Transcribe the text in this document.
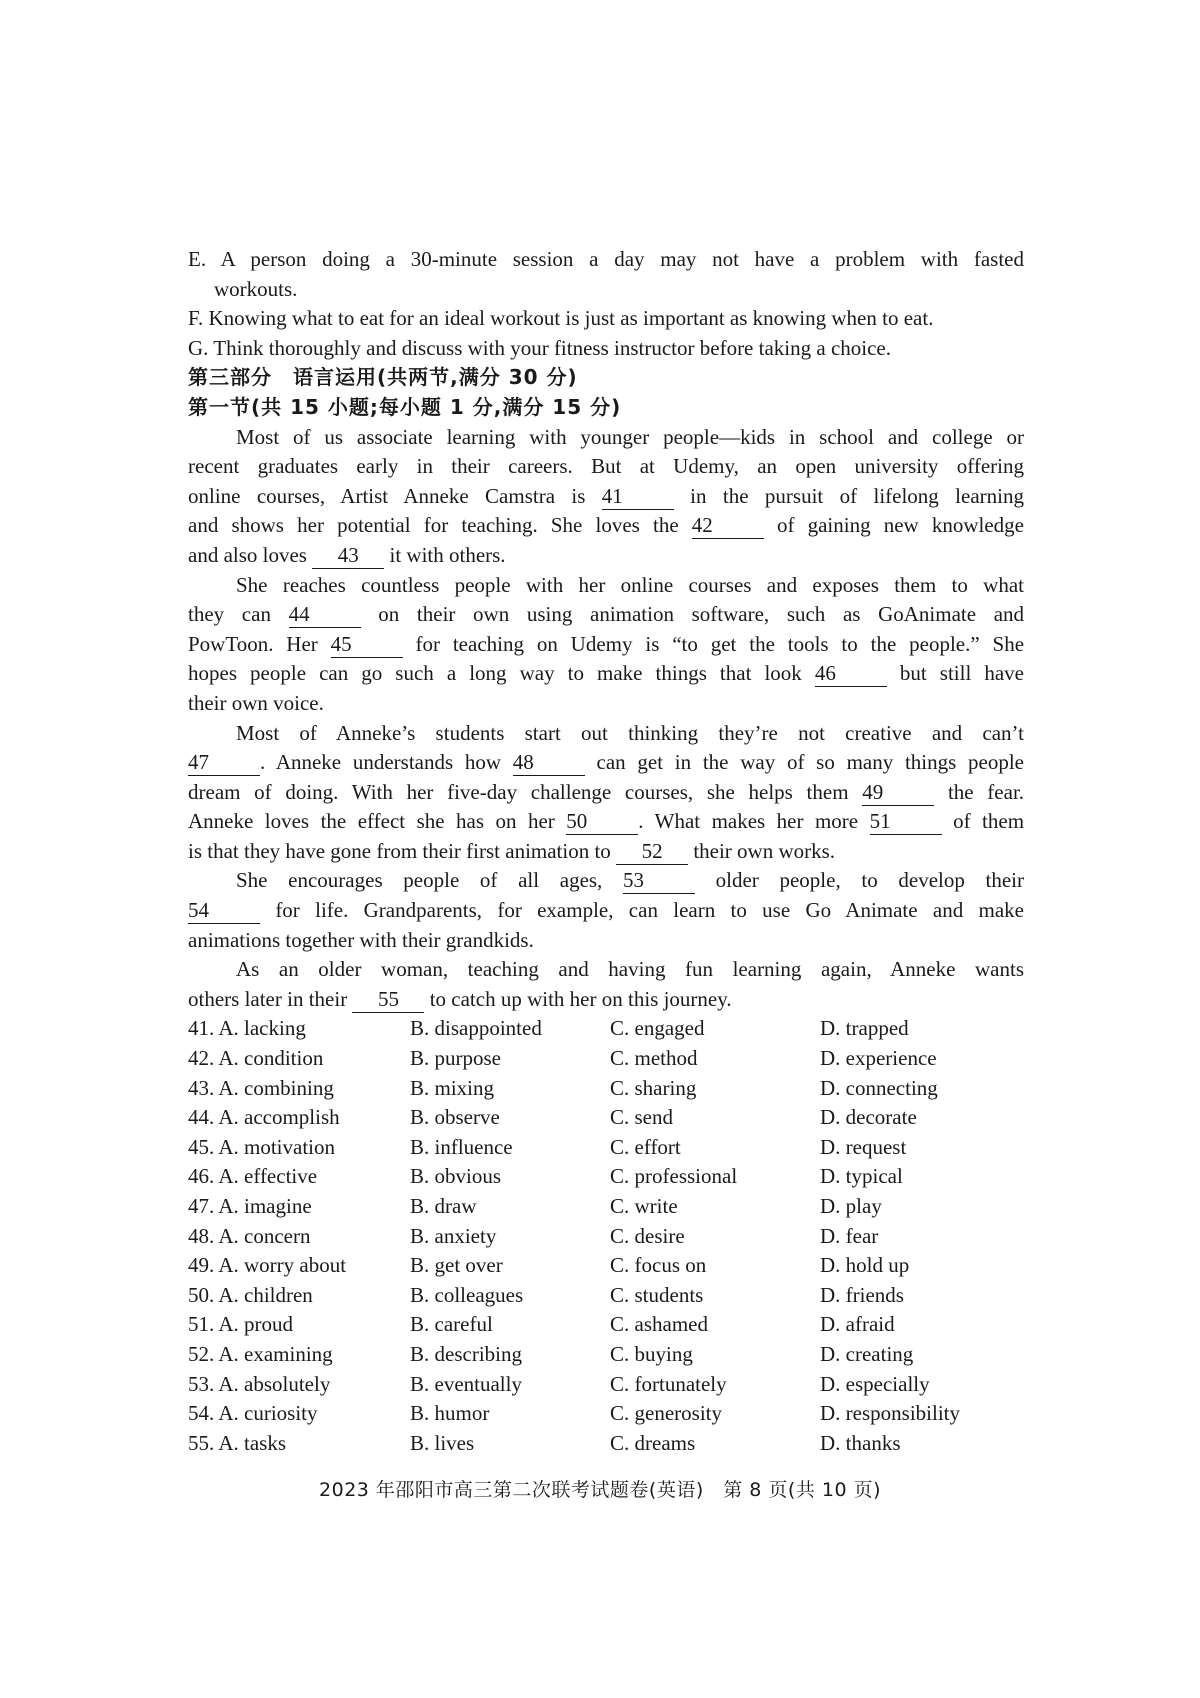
E. A person doing a 30-minute session a day may not have a problem with fasted
workouts.
F. Knowing what to eat for an ideal workout is just as important as knowing when to eat.
G. Think thoroughly and discuss with your fitness instructor before taking a choice.
第三部分　语言运用(共两节,满分 30 分)
第一节(共 15 小题;每小题 1 分,满分 15 分)
Most of us associate learning with younger people—kids in school and college or
recent graduates early in their careers. But at Udemy, an open university offering
online courses, Artist Anneke Camstra is 41	in the pursuit of lifelong learning
and shows her potential for teaching. She loves the 42	of gaining new knowledge
and also loves 43 it with others.
She reaches countless people with her online courses and exposes them to what
they can 44	on their own using animation software, such as GoAnimate and
PowToon. Her 45	for teaching on Udemy is “to get the tools to the people.” She
hopes people can go such a long way to make things that look 46	but still have
their own voice.
Most of Anneke’s students start out thinking they’re not creative and can’t
47 . Anneke understands how 48	can get in the way of so many things people
dream of doing. With her five-day challenge courses, she helps them 49	the fear.
Anneke loves the effect she has on her 50 . What makes her more 51	of them
is that they have gone from their first animation to 52 their own works.
She encourages people of all ages, 53	older people, to develop their
54	for life. Grandparents, for example, can learn to use Go Animate and make
animations together with their grandkids.
As an older woman, teaching and having fun learning again, Anneke wants
others later in their 55 to catch up with her on this journey.
41. A. lacking	B. disappointed	C. engaged	D. trapped
42. A. condition	B. purpose	C. method	D. experience
43. A. combining	B. mixing	C. sharing	D. connecting
44. A. accomplish	B. observe	C. send	D. decorate
45. A. motivation	B. influence	C. effort	D. request
46. A. effective	B. obvious	C. professional	D. typical
47. A. imagine	B. draw	C. write	D. play
48. A. concern	B. anxiety	C. desire	D. fear
49. A. worry about	B. get over	C. focus on	D. hold up
50. A. children	B. colleagues	C. students	D. friends
51. A. proud	B. careful	C. ashamed	D. afraid
52. A. examining	B. describing	C. buying	D. creating
53. A. absolutely	B. eventually	C. fortunately	D. especially
54. A. curiosity	B. humor	C. generosity	D. responsibility
55. A. tasks	B. lives	C. dreams	D. thanks
2023 年邵阳市高三第二次联考试题卷(英语)　第 8 页(共 10 页)
